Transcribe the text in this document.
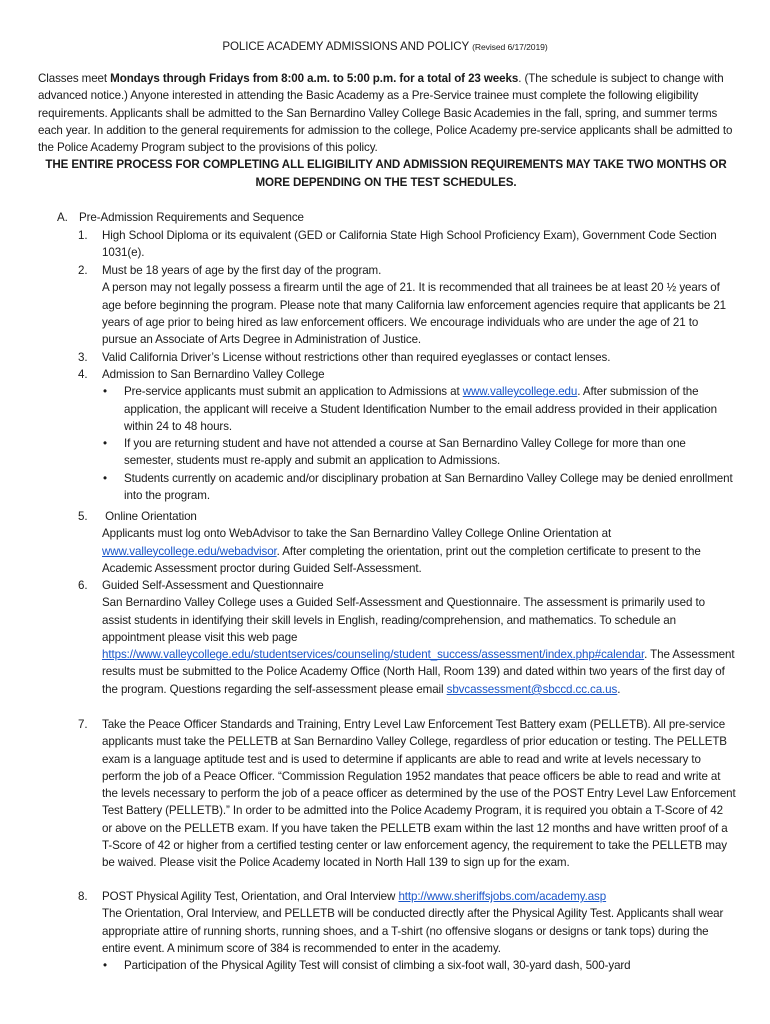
POLICE ACADEMY ADMISSIONS AND POLICY (Revised 6/17/2019)

Classes meet Mondays through Fridays from 8:00 a.m. to 5:00 p.m. for a total of 23 weeks. (The schedule is subject to change with advanced notice.) Anyone interested in attending the Basic Academy as a Pre-Service trainee must complete the following eligibility requirements. Applicants shall be admitted to the San Bernardino Valley College Basic Academies in the fall, spring, and summer terms each year. In addition to the general requirements for admission to the college, Police Academy pre-service applicants shall be admitted to the Police Academy Program subject to the provisions of this policy.

THE ENTIRE PROCESS FOR COMPLETING ALL ELIGIBILITY AND ADMISSION REQUIREMENTS MAY TAKE TWO MONTHS OR MORE DEPENDING ON THE TEST SCHEDULES.

A. Pre-Admission Requirements and Sequence
1.	High School Diploma or its equivalent (GED or California State High School Proficiency Exam), Government Code Section 1031(e).

2.	Must be 18 years of age by the first day of the program.

A person may not legally possess a firearm until the age of 21. It is recommended that all trainees be at least 20 ½ years of age before beginning the program. Please note that many California law enforcement agencies require that applicants be 21 years of age prior to being hired as law enforcement officers. We encourage individuals who are under the age of 21 to pursue an Associate of Arts Degree in Administration of Justice.

3.	Valid California Driver’s License without restrictions other than required eyeglasses or contact lenses.

4.	Admission to San Bernardino Valley College

• Pre-service applicants must submit an application to Admissions at www.valleycollege.edu. After submission of the application, the applicant will receive a Student Identification Number to the email address provided in their application within 24 to 48 hours.
• If you are returning student and have not attended a course at San Bernardino Valley College for more than one semester, students must re-apply and submit an application to Admissions.
• Students currently on academic and/or disciplinary probation at San Bernardino Valley College may be denied enrollment into the program.
5.	Online Orientation

Applicants must log onto WebAdvisor to take the San Bernardino Valley College Online Orientation at www.valleycollege.edu/webadvisor. After completing the orientation, print out the completion certificate to present to the Academic Assessment proctor during Guided Self-Assessment.

6.	Guided Self-Assessment and Questionnaire

San Bernardino Valley College uses a Guided Self-Assessment and Questionnaire. The assessment is primarily used to assist students in identifying their skill levels in English, reading/comprehension, and mathematics. To schedule an appointment please visit this web page https://www.valleycollege.edu/studentservices/counseling/student_success/assessment/index.php#calendar. The Assessment results must be submitted to the Police Academy Office (North Hall, Room 139) and dated within two years of the first day of the program. Questions regarding the self-assessment please email sbvcassessment@sbccd.cc.ca.us.

7.	Take the Peace Officer Standards and Training, Entry Level Law Enforcement Test Battery exam (PELLETB). All pre-service applicants must take the PELLETB at San Bernardino Valley College, regardless of prior education or testing. The PELLETB exam is a language aptitude test and is used to determine if applicants are able to read and write at levels necessary to perform the job of a Peace Officer. “Commission Regulation 1952 mandates that peace officers be able to read and write at the levels necessary to perform the job of a peace officer as determined by the use of the POST Entry Level Law Enforcement Test Battery (PELLETB).” In order to be admitted into the Police Academy Program, it is required you obtain a T-Score of 42 or above on the PELLETB exam. If you have taken the PELLETB exam within the last 12 months and have written proof of a T-Score of 42 or higher from a certified testing center or law enforcement agency, the requirement to take the PELLETB may be waived. Please visit the Police Academy located in North Hall 139 to sign up for the exam.

8.	POST Physical Agility Test, Orientation, and Oral Interview http://www.sheriffsjobs.com/academy.asp

The Orientation, Oral Interview, and PELLETB will be conducted directly after the Physical Agility Test. Applicants shall wear appropriate attire of running shorts, running shoes, and a T-shirt (no offensive slogans or designs or tank tops) during the entire event. A minimum score of 384 is recommended to enter in the academy.

• Participation of the Physical Agility Test will consist of climbing a six-foot wall, 30-yard dash, 500-yard
